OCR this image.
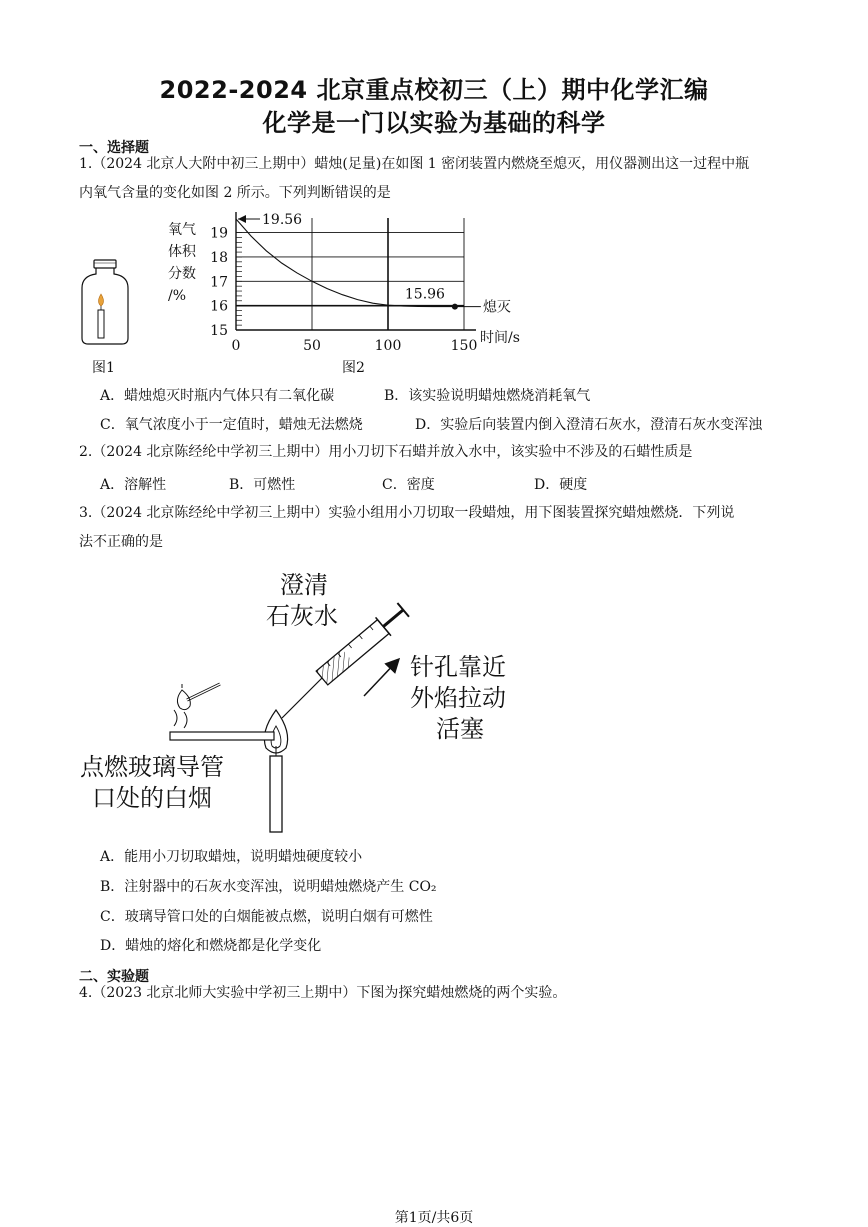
2022-2024 北京重点校初三（上）期中化学汇编
化学是一门以实验为基础的科学
一、选择题
1.（2024 北京人大附中初三上期中）蜡烛(足量)在如图 1 密闭装置内燃烧至熄灭，用仪器测出这一过程中瓶
内氧气含量的变化如图 2 所示。下列判断错误的是
图1
0	50	100	150
15
16
17
18
19
氧气
体积
分数
/%
时间/s
熄灭
15.96
19.56
图2
A．蜡烛熄灭时瓶内气体只有二氧化碳	B．该实验说明蜡烛燃烧消耗氧气
C．氧气浓度小于一定值时，蜡烛无法燃烧	D．实验后向装置内倒入澄清石灰水，澄清石灰水变浑浊
2.（2024 北京陈经纶中学初三上期中）用小刀切下石蜡并放入水中，该实验中不涉及的石蜡性质是
A．溶解性	B．可燃性	C．密度	D．硬度
3.（2024 北京陈经纶中学初三上期中）实验小组用小刀切取一段蜡烛，用下图装置探究蜡烛燃烧．下列说
法不正确的是
澄清
石灰水
针孔靠近
外焰拉动
活塞
点燃玻璃导管
口处的白烟
A．能用小刀切取蜡烛，说明蜡烛硬度较小
B．注射器中的石灰水变浑浊，说明蜡烛燃烧产生 CO₂
C．玻璃导管口处的白烟能被点燃，说明白烟有可燃性
D．蜡烛的熔化和燃烧都是化学变化
二、实验题
4.（2023 北京北师大实验中学初三上期中）下图为探究蜡烛燃烧的两个实验。
第1页/共6页
